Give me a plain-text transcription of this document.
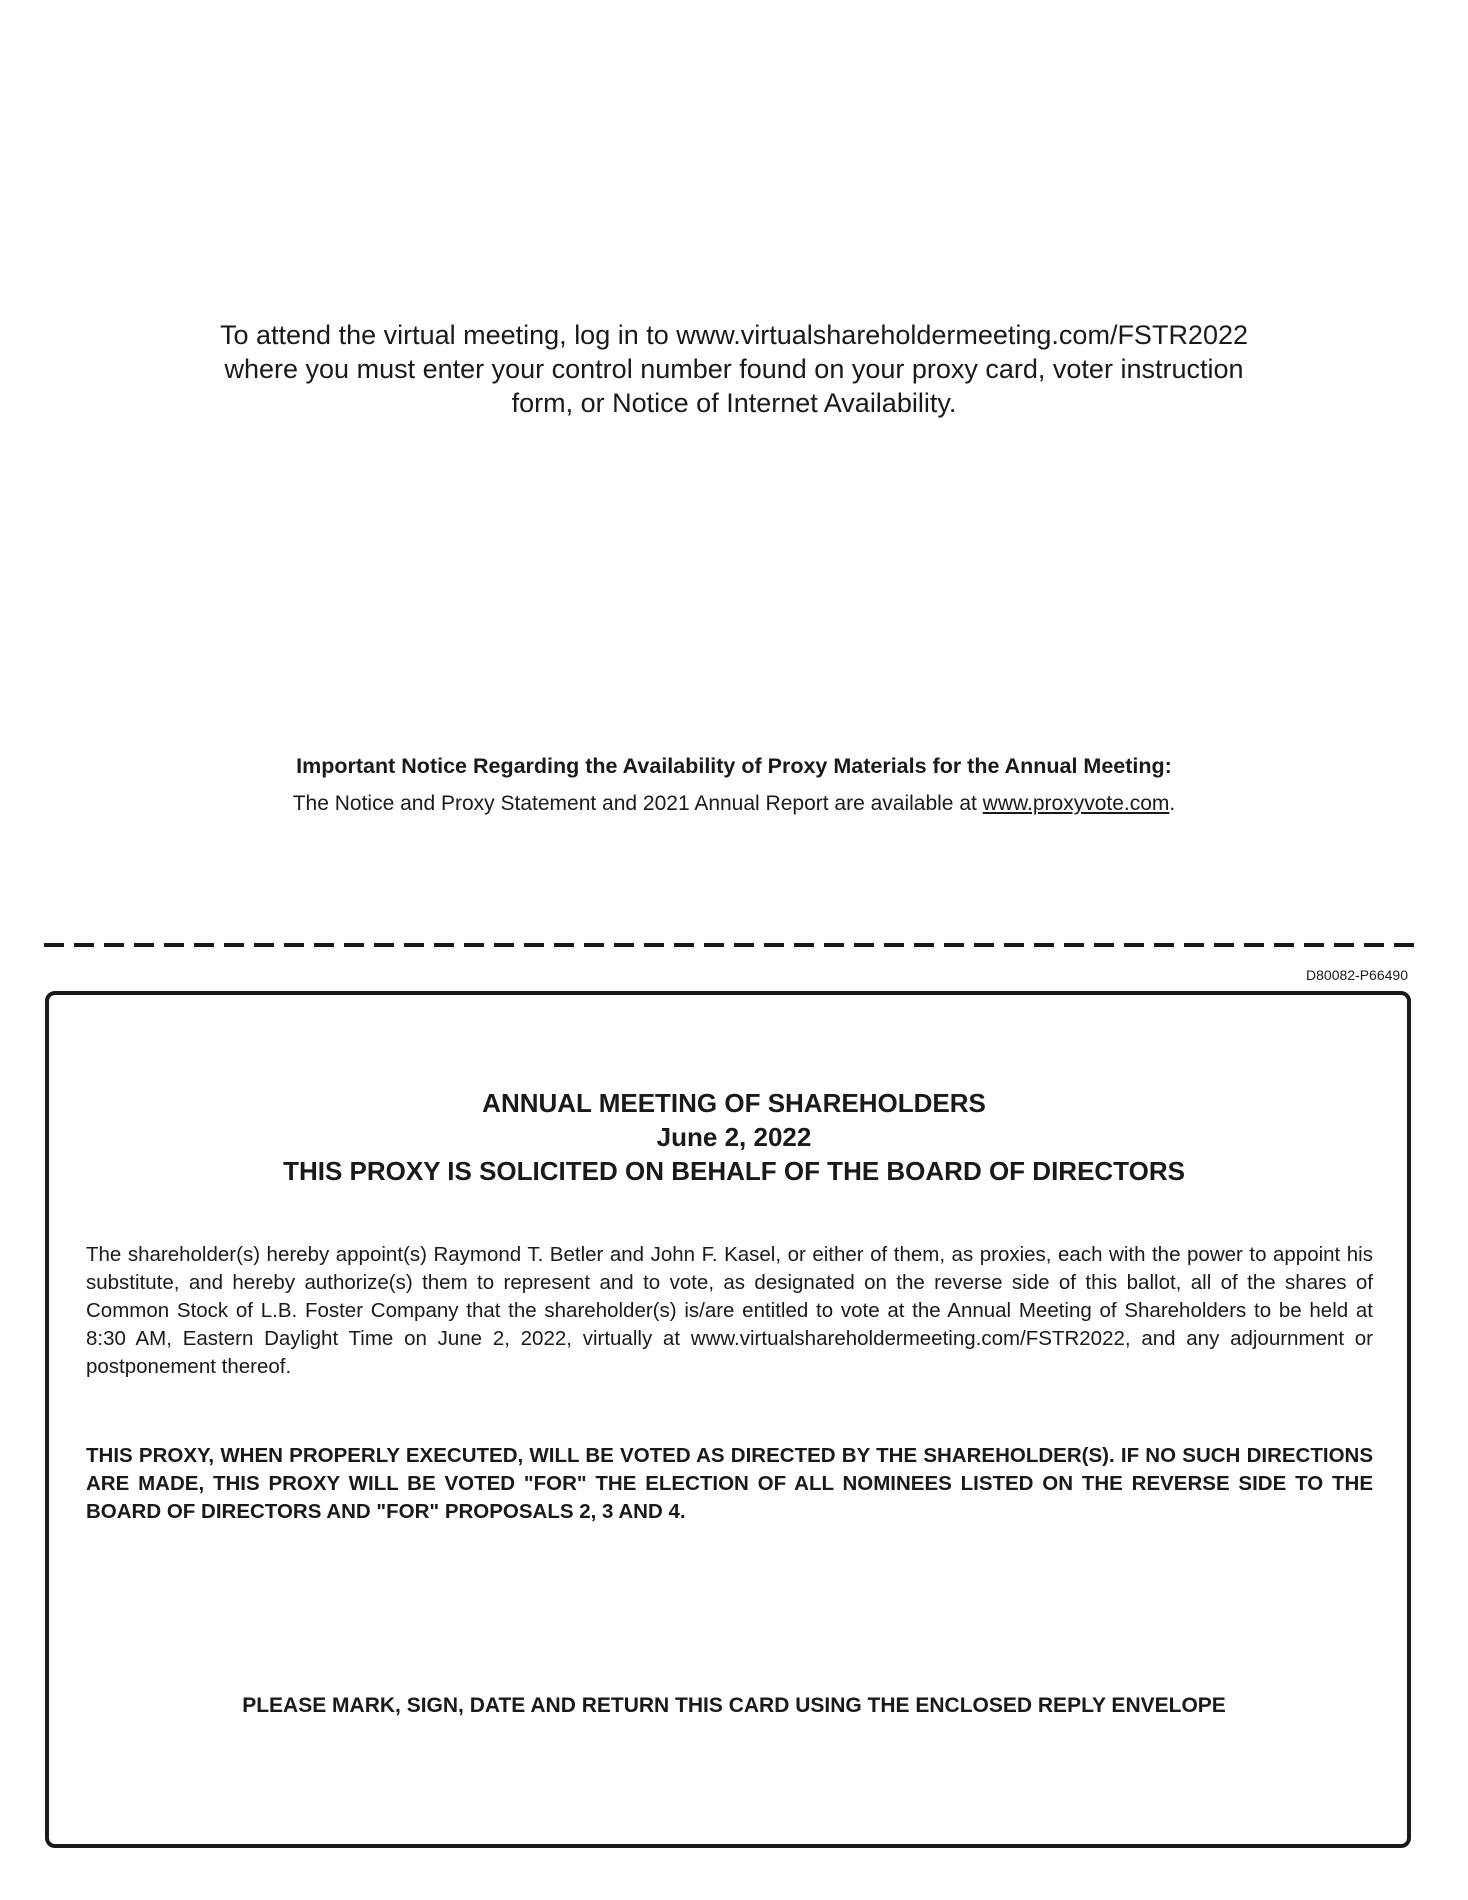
To attend the virtual meeting, log in to www.virtualshareholdermeeting.com/FSTR2022
where you must enter your control number found on your proxy card, voter instruction
form, or Notice of Internet Availability.
Important Notice Regarding the Availability of Proxy Materials for the Annual Meeting:
The Notice and Proxy Statement and 2021 Annual Report are available at www.proxyvote.com.
D80082-P66490
ANNUAL MEETING OF SHAREHOLDERS
June 2, 2022
THIS PROXY IS SOLICITED ON BEHALF OF THE BOARD OF DIRECTORS
The shareholder(s) hereby appoint(s) Raymond T. Betler and John F. Kasel, or either of them, as proxies, each with the power to appoint his substitute, and hereby authorize(s) them to represent and to vote, as designated on the reverse side of this ballot, all of the shares of Common Stock of L.B. Foster Company that the shareholder(s) is/are entitled to vote at the Annual Meeting of Shareholders to be held at 8:30 AM, Eastern Daylight Time on June 2, 2022, virtually at www.virtualshareholdermeeting.com/FSTR2022, and any adjournment or postponement thereof.
THIS PROXY, WHEN PROPERLY EXECUTED, WILL BE VOTED AS DIRECTED BY THE SHAREHOLDER(S). IF NO SUCH DIRECTIONS ARE MADE, THIS PROXY WILL BE VOTED "FOR" THE ELECTION OF ALL NOMINEES LISTED ON THE REVERSE SIDE TO THE BOARD OF DIRECTORS AND "FOR" PROPOSALS 2, 3 AND 4.
PLEASE MARK, SIGN, DATE AND RETURN THIS CARD USING THE ENCLOSED REPLY ENVELOPE
